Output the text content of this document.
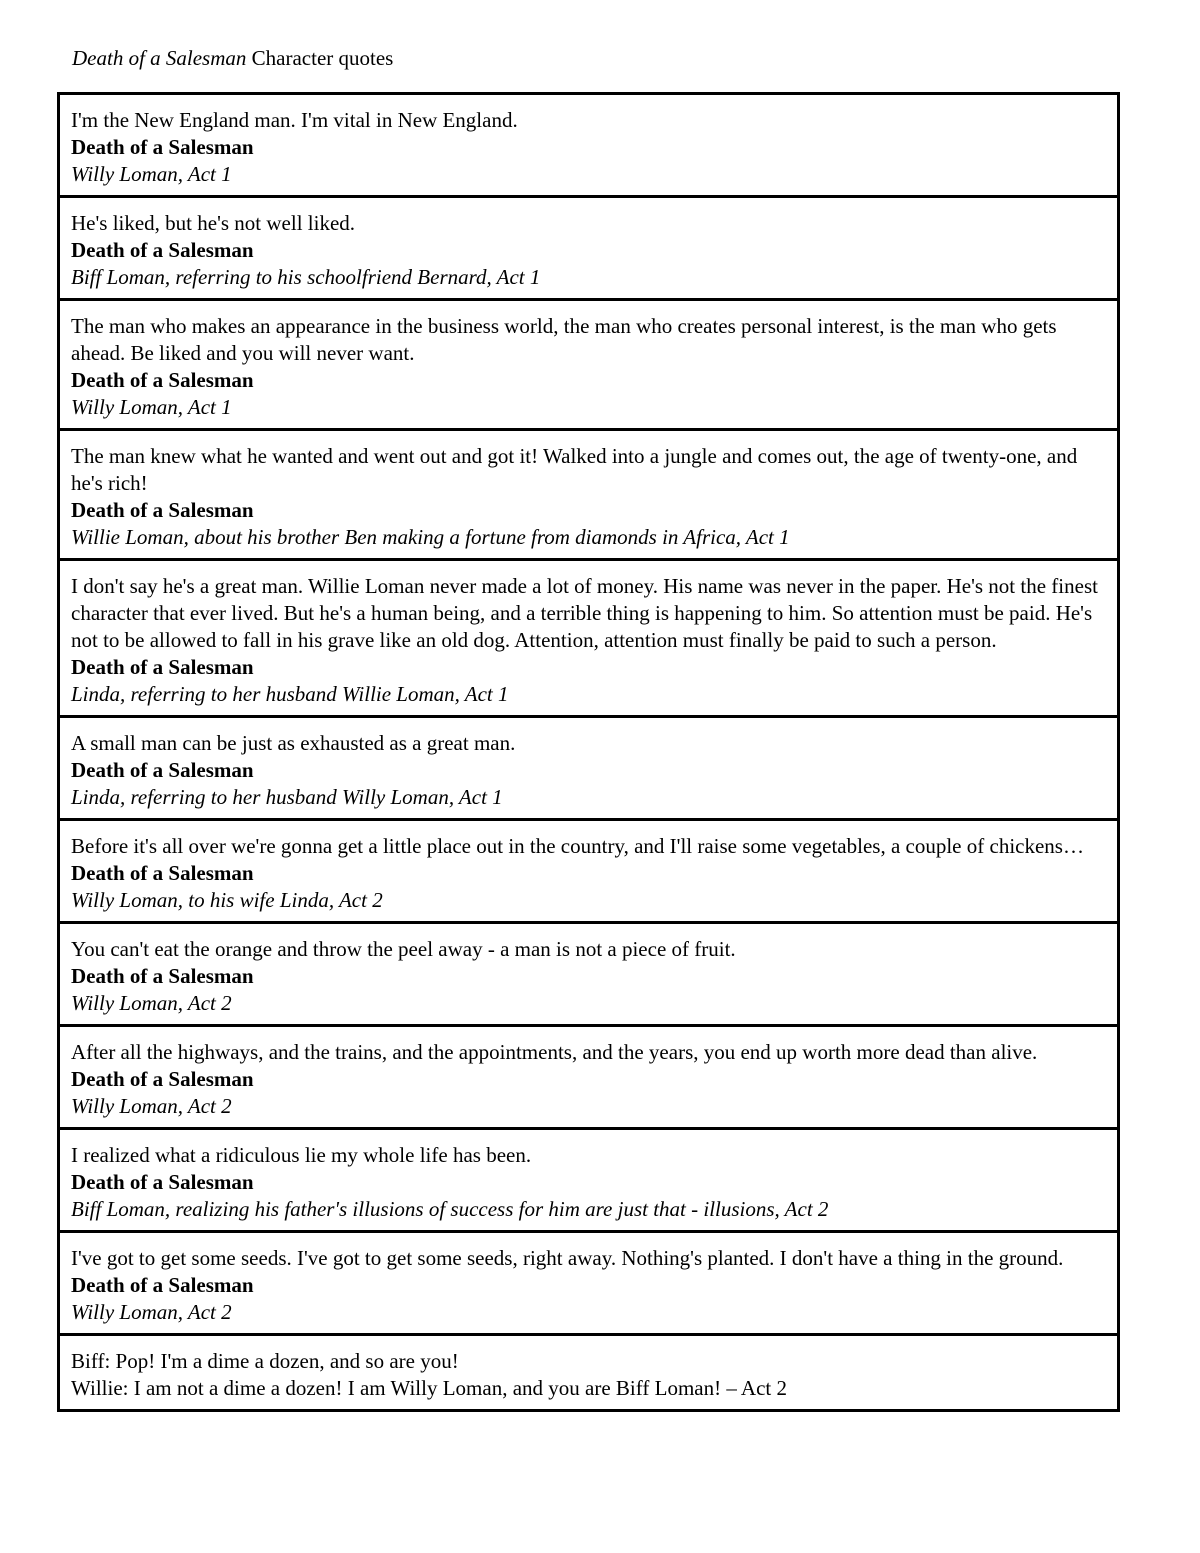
Death of a Salesman Character quotes

I'm the New England man. I'm vital in New England.

Death of a Salesman

Willy Loman, Act 1

He's liked, but he's not well liked.

Death of a Salesman

Biff Loman, referring to his schoolfriend Bernard, Act 1

The man who makes an appearance in the business world, the man who creates personal interest, is the man who gets ahead. Be liked and you will never want.

Death of a Salesman

Willy Loman, Act 1

The man knew what he wanted and went out and got it! Walked into a jungle and comes out, the age of twenty-one, and he's rich!

Death of a Salesman

Willie Loman, about his brother Ben making a fortune from diamonds in Africa, Act 1

I don't say he's a great man. Willie Loman never made a lot of money. His name was never in the paper. He's not the finest character that ever lived. But he's a human being, and a terrible thing is happening to him. So attention must be paid. He's not to be allowed to fall in his grave like an old dog. Attention, attention must finally be paid to such a person.

Death of a Salesman

Linda, referring to her husband Willie Loman, Act 1

A small man can be just as exhausted as a great man.

Death of a Salesman

Linda, referring to her husband Willy Loman, Act 1

Before it's all over we're gonna get a little place out in the country, and I'll raise some vegetables, a couple of chickens…

Death of a Salesman

Willy Loman, to his wife Linda, Act 2

You can't eat the orange and throw the peel away - a man is not a piece of fruit.

Death of a Salesman

Willy Loman, Act 2

After all the highways, and the trains, and the appointments, and the years, you end up worth more dead than alive.

Death of a Salesman

Willy Loman, Act 2

I realized what a ridiculous lie my whole life has been.

Death of a Salesman

Biff Loman, realizing his father's illusions of success for him are just that - illusions, Act 2

I've got to get some seeds. I've got to get some seeds, right away. Nothing's planted. I don't have a thing in the ground.

Death of a Salesman

Willy Loman, Act 2

Biff: Pop! I'm a dime a dozen, and so are you!

Willie: I am not a dime a dozen! I am Willy Loman, and you are Biff Loman! – Act 2
